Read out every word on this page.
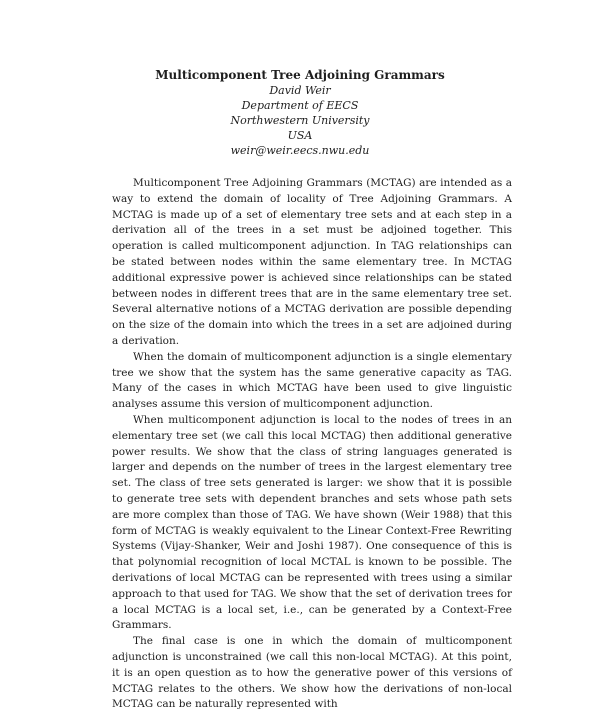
Multicomponent Tree Adjoining Grammars
David Weir
Department of EECS
Northwestern University
USA
weir@weir.eecs.nwu.edu

Multicomponent Tree Adjoining Grammars (MCTAG) are intended as a way to extend the domain of locality of Tree Adjoining Grammars. A MCTAG is made up of a set of elementary tree sets and at each step in a derivation all of the trees in a set must be adjoined together. This operation is called multicomponent adjunction. In TAG relationships can be stated between nodes within the same elementary tree. In MCTAG additional expressive power is achieved since relationships can be stated between nodes in different trees that are in the same elementary tree set. Several alternative notions of a MCTAG derivation are possible depending on the size of the domain into which the trees in a set are adjoined during a derivation.

When the domain of multicomponent adjunction is a single elementary tree we show that the system has the same generative capacity as TAG. Many of the cases in which MCTAG have been used to give linguistic analyses assume this version of multicomponent adjunction.

When multicomponent adjunction is local to the nodes of trees in an elementary tree set (we call this local MCTAG) then additional generative power results. We show that the class of string languages generated is larger and depends on the number of trees in the largest elementary tree set. The class of tree sets generated is larger: we show that it is possible to generate tree sets with dependent branches and sets whose path sets are more complex than those of TAG. We have shown (Weir 1988) that this form of MCTAG is weakly equivalent to the Linear Context-Free Rewriting Systems (Vijay-Shanker, Weir and Joshi 1987). One consequence of this is that polynomial recognition of local MCTAL is known to be possible. The derivations of local MCTAG can be represented with trees using a similar approach to that used for TAG. We show that the set of derivation trees for a local MCTAG is a local set, i.e., can be generated by a Context-Free Grammars.

The final case is one in which the domain of multicomponent adjunction is unconstrained (we call this non-local MCTAG). At this point, it is an open question as to how the generative power of this versions of MCTAG relates to the others. We show how the derivations of non-local MCTAG can be naturally represented with
